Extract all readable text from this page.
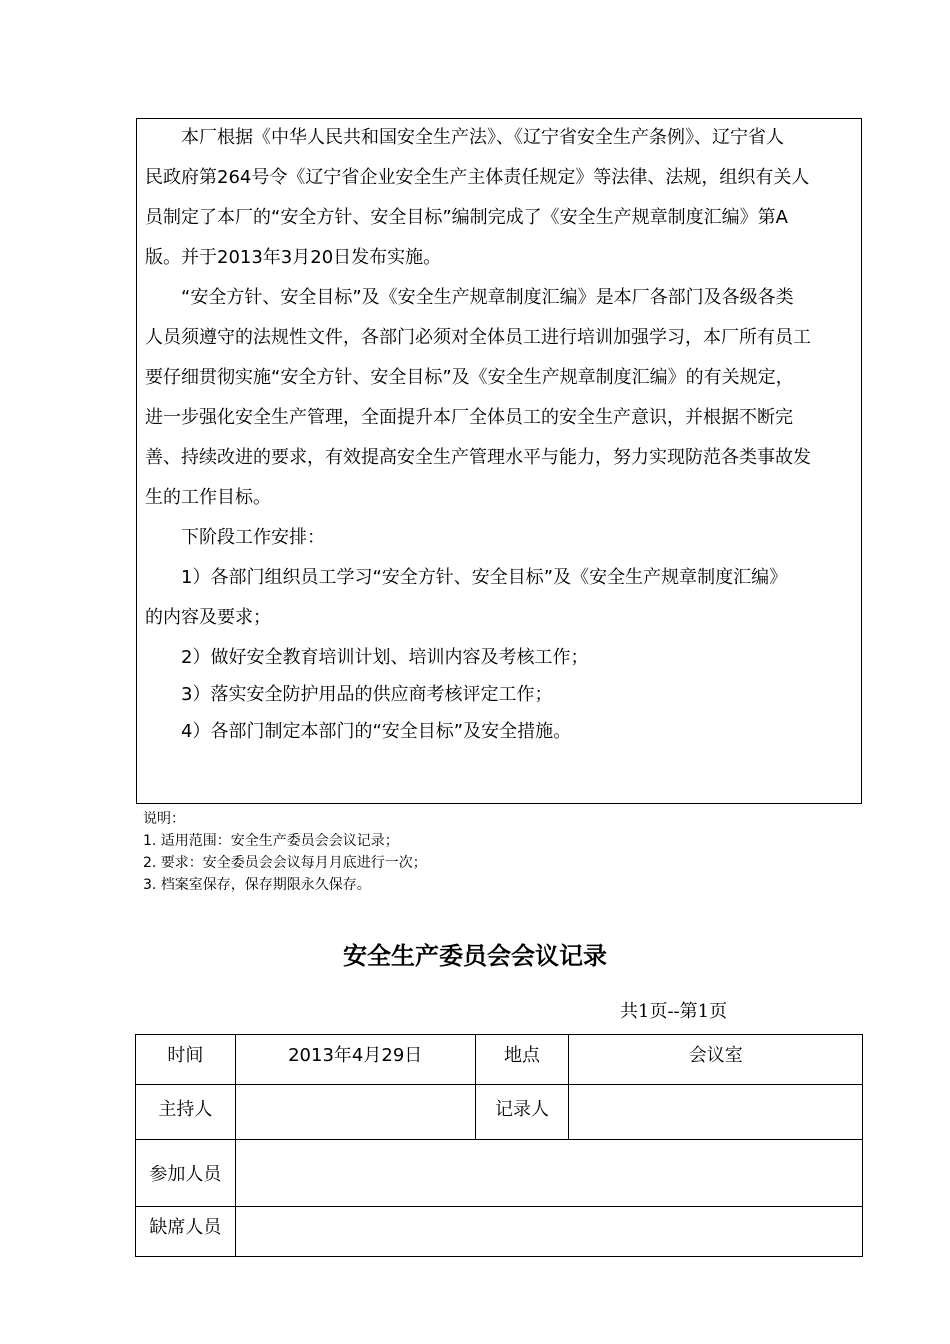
本厂根据《中华人民共和国安全生产法》、《辽宁省安全生产条例》、辽宁省人
民政府第264号令《辽宁省企业安全生产主体责任规定》等法律、法规，组织有关人
员制定了本厂的“安全方针、安全目标”编制完成了《安全生产规章制度汇编》第A
版。并于2013年3月20日发布实施。
“安全方针、安全目标”及《安全生产规章制度汇编》是本厂各部门及各级各类
人员须遵守的法规性文件，各部门必须对全体员工进行培训加强学习，本厂所有员工
要仔细贯彻实施“安全方针、安全目标”及《安全生产规章制度汇编》的有关规定，
进一步强化安全生产管理，全面提升本厂全体员工的安全生产意识，并根据不断完
善、持续改进的要求，有效提高安全生产管理水平与能力，努力实现防范各类事故发
生的工作目标。
下阶段工作安排：
1）各部门组织员工学习“安全方针、安全目标”及《安全生产规章制度汇编》
的内容及要求；
2）做好安全教育培训计划、培训内容及考核工作；
3）落实安全防护用品的供应商考核评定工作；
4）各部门制定本部门的“安全目标”及安全措施。
说明：
1. 适用范围：安全生产委员会会议记录；
2. 要求：安全委员会会议每月月底进行一次；
3. 档案室保存，保存期限永久保存。
安全生产委员会会议记录
共1页--第1页
时间	2013年4月29日	地点	会议室
主持人		记录人	
参加人员			
缺席人员			
